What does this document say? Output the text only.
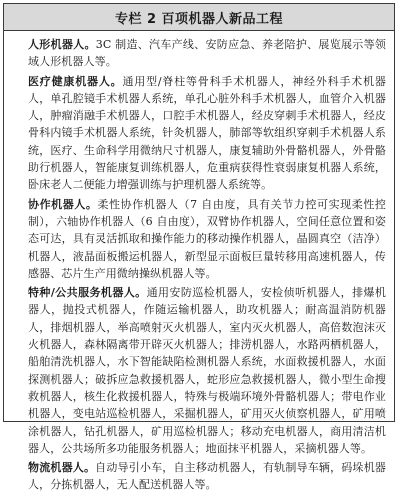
专栏 2 百项机器人新品工程

人形机器人。3C 制造、汽车产线、安防应急、养老陪护、展览展示等领域人形机器人等。

医疗健康机器人。通用型/脊柱等骨科手术机器人，神经外科手术机器人，单孔腔镜手术机器人系统，单孔心脏外科手术机器人，血管介入机器人，肿瘤消融手术机器人，口腔手术机器人，经皮穿刺手术机器人，经皮骨科内镜手术机器人系统，针灸机器人，肺部等软组织穿刺手术机器人系统，医疗、生命科学用微纳尺寸机器人，康复辅助外骨骼机器人，外骨骼助行机器人，智能康复训练机器人，危重病获得性衰弱康复机器人系统，卧床老人二便能力增强训练与护理机器人系统等。

协作机器人。柔性协作机器人（7 自由度，具有关节力控可实现柔性控制），六轴协作机器人（6 自由度），双臂协作机器人，空间任意位置和姿态可达，具有灵活抓取和操作能力的移动操作机器人，晶圆真空（洁净）机器人，液晶面板搬运机器人，新型显示面板巨量转移用高速机器人，传感器、芯片生产用微纳操纵机器人等。

特种/公共服务机器人。通用安防巡检机器人，安检侦听机器人，排爆机器人，抛投式机器人，作随运输机器人，助攻机器人；耐高温消防机器人，排烟机器人，举高喷射灭火机器人，室内灭火机器人，高倍数泡沫灭火机器人，森林隔离带开辟灭火机器人；排涝机器人，水路两栖机器人，船舶清洗机器人，水下智能缺陷检测机器人系统，水面救援机器人，水面探测机器人；破拆应急救援机器人，蛇形应急救援机器人，微小型生命搜救机器人，核生化救援机器人，特殊与极端环境外骨骼机器人；带电作业机器人，变电站巡检机器人，采掘机器人，矿用灭火侦察机器人，矿用喷涂机器人，钻孔机器人，矿用巡检机器人；移动充电机器人，商用清洁机器人，公共场所多功能服务机器人；地面抹平机器人，采摘机器人等。

物流机器人。自动导引小车，自主移动机器人，有轨制导车辆，码垛机器人，分拣机器人，无人配送机器人等。
